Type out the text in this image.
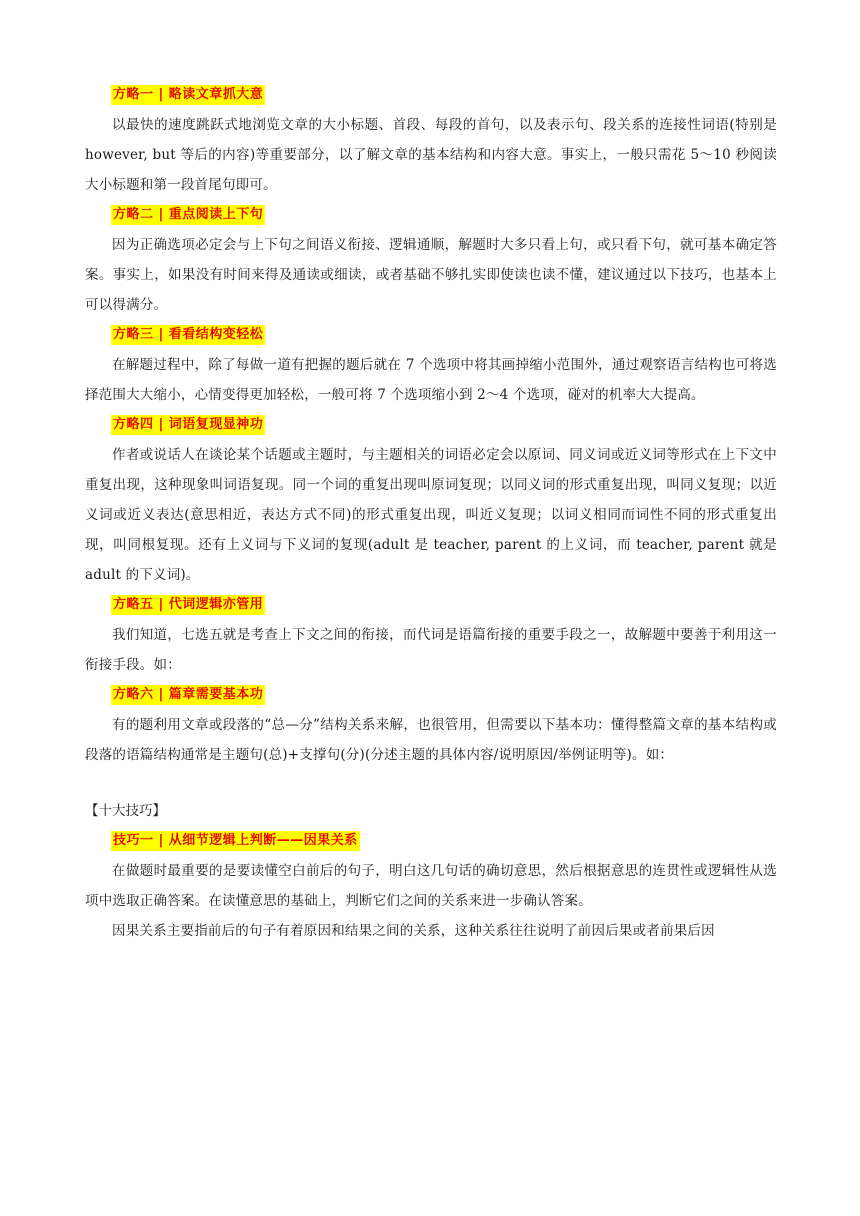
方略一 | 略读文章抓大意

以最快的速度跳跃式地浏览文章的大小标题、首段、每段的首句，以及表示句、段关系的连接性词语(特别是 however, but 等后的内容)等重要部分，以了解文章的基本结构和内容大意。事实上，一般只需花 5～10 秒阅读大小标题和第一段首尾句即可。

方略二 | 重点阅读上下句

因为正确选项必定会与上下句之间语义衔接、逻辑通顺，解题时大多只看上句，或只看下句，就可基本确定答案。事实上，如果没有时间来得及通读或细读，或者基础不够扎实即使读也读不懂，建议通过以下技巧，也基本上可以得满分。

方略三 | 看看结构变轻松

在解题过程中，除了每做一道有把握的题后就在 7 个选项中将其画掉缩小范围外，通过观察语言结构也可将选择范围大大缩小，心情变得更加轻松，一般可将 7 个选项缩小到 2～4 个选项，碰对的机率大大提高。

方略四 | 词语复现显神功

作者或说话人在谈论某个话题或主题时，与主题相关的词语必定会以原词、同义词或近义词等形式在上下文中重复出现，这种现象叫词语复现。同一个词的重复出现叫原词复现；以同义词的形式重复出现，叫同义复现；以近义词或近义表达(意思相近，表达方式不同)的形式重复出现，叫近义复现；以词义相同而词性不同的形式重复出现，叫同根复现。还有上义词与下义词的复现(adult 是 teacher, parent 的上义词，而 teacher, parent 就是 adult 的下义词)。

方略五 | 代词逻辑亦管用

我们知道，七选五就是考查上下文之间的衔接，而代词是语篇衔接的重要手段之一，故解题中要善于利用这一衔接手段。如：

方略六 | 篇章需要基本功

有的题利用文章或段落的“总—分”结构关系来解，也很管用，但需要以下基本功：懂得整篇文章的基本结构或段落的语篇结构通常是主题句(总)+支撑句(分)(分述主题的具体内容/说明原因/举例证明等)。如：

【十大技巧】

技巧一 | 从细节逻辑上判断——因果关系

在做题时最重要的是要读懂空白前后的句子，明白这几句话的确切意思，然后根据意思的连贯性或逻辑性从选项中选取正确答案。在读懂意思的基础上，判断它们之间的关系来进一步确认答案。

因果关系主要指前后的句子有着原因和结果之间的关系，这种关系往往说明了前因后果或者前果后因
